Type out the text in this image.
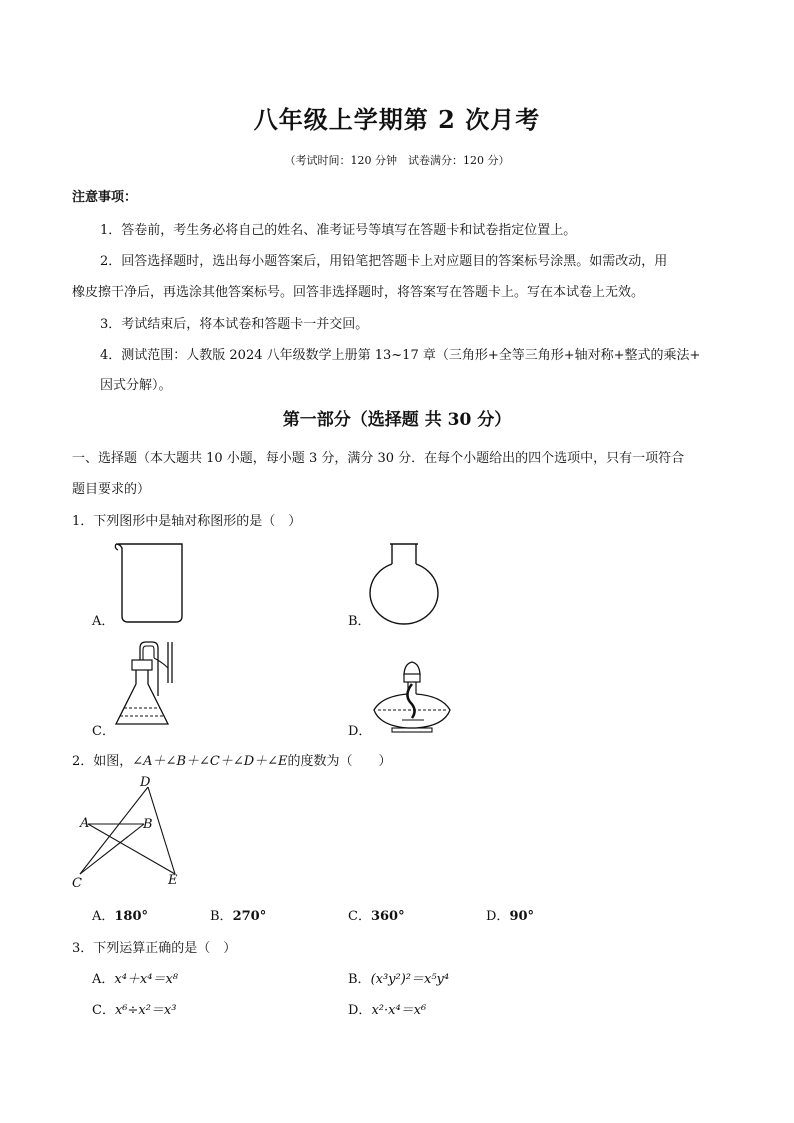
八年级上学期第 2 次月考
（考试时间：120 分钟　试卷满分：120 分）
注意事项：
1．答卷前，考生务必将自己的姓名、准考证号等填写在答题卡和试卷指定位置上。
2．回答选择题时，选出每小题答案后，用铅笔把答题卡上对应题目的答案标号涂黑。如需改动，用
橡皮擦干净后，再选涂其他答案标号。回答非选择题时，将答案写在答题卡上。写在本试卷上无效。
3．考试结束后，将本试卷和答题卡一并交回。
4．测试范围：人教版 2024 八年级数学上册第 13~17 章（三角形+全等三角形+轴对称+整式的乘法+
因式分解）。
第一部分（选择题 共 30 分）
一、选择题（本大题共 10 小题，每小题 3 分，满分 30 分．在每个小题给出的四个选项中，只有一项符合
题目要求的）
1．下列图形中是轴对称图形的是（　）
A．	B．
C．	D．
2．如图，∠A＋∠B＋∠C＋∠D＋∠E的度数为（　　）
D
A	B
C	E
A．180°	B．270°	C．360°	D．90°
3．下列运算正确的是（　）
A．x⁴＋x⁴＝x⁸	B．(x³y²)²＝x⁵y⁴
C．x⁶÷x²＝x³	D．x²·x⁴＝x⁶
